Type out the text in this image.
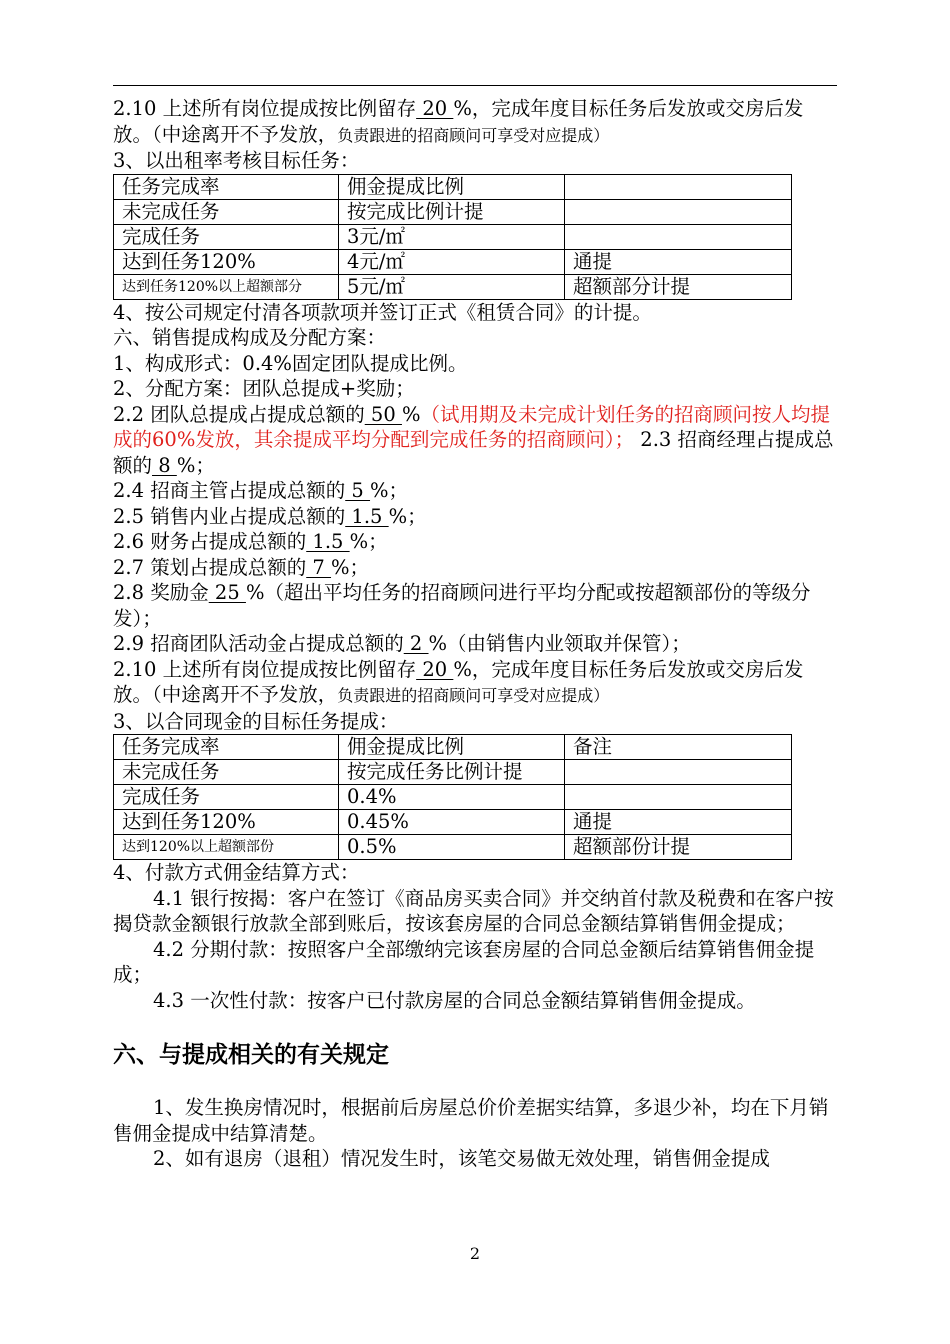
2.10 上述所有岗位提成按比例留存 20 %，完成年度目标任务后发放或交房后发放。（中途离开不予发放，负责跟进的招商顾问可享受对应提成）

3、以出租率考核目标任务：

任务完成率	佣金提成比例	
未完成任务	按完成比例计提	
完成任务	3元/㎡	
达到任务120%	4元/㎡	通提
达到任务120%以上超额部分	5元/㎡	超额部分计提

4、按公司规定付清各项款项并签订正式《租赁合同》的计提。

六、销售提成构成及分配方案：

1、构成形式：0.4%固定团队提成比例。

2、分配方案：团队总提成+奖励；

2.2 团队总提成占提成总额的 50 %（试用期及未完成计划任务的招商顾问按人均提成的60%发放，其余提成平均分配到完成任务的招商顾问）； 2.3 招商经理占提成总额的 8 %；

2.4 招商主管占提成总额的 5 %；

2.5 销售内业占提成总额的 1.5 %；

2.6 财务占提成总额的 1.5 %；

2.7 策划占提成总额的 7 %；

2.8 奖励金 25 %（超出平均任务的招商顾问进行平均分配或按超额部份的等级分发）；

2.9 招商团队活动金占提成总额的 2 %（由销售内业领取并保管）；

2.10 上述所有岗位提成按比例留存 20 %，完成年度目标任务后发放或交房后发放。（中途离开不予发放，负责跟进的招商顾问可享受对应提成）

3、以合同现金的目标任务提成：

任务完成率	佣金提成比例	备注
未完成任务	按完成任务比例计提	
完成任务	0.4%	
达到任务120%	0.45%	通提
达到120%以上超额部份	0.5%	超额部份计提

4、付款方式佣金结算方式：

4.1 银行按揭：客户在签订《商品房买卖合同》并交纳首付款及税费和在客户按揭贷款金额银行放款全部到账后，按该套房屋的合同总金额结算销售佣金提成；

4.2 分期付款：按照客户全部缴纳完该套房屋的合同总金额后结算销售佣金提成；

4.3 一次性付款：按客户已付款房屋的合同总金额结算销售佣金提成。

六、与提成相关的有关规定

1、发生换房情况时，根据前后房屋总价价差据实结算，多退少补，均在下月销售佣金提成中结算清楚。

2、如有退房（退租）情况发生时，该笔交易做无效处理，销售佣金提成

2
